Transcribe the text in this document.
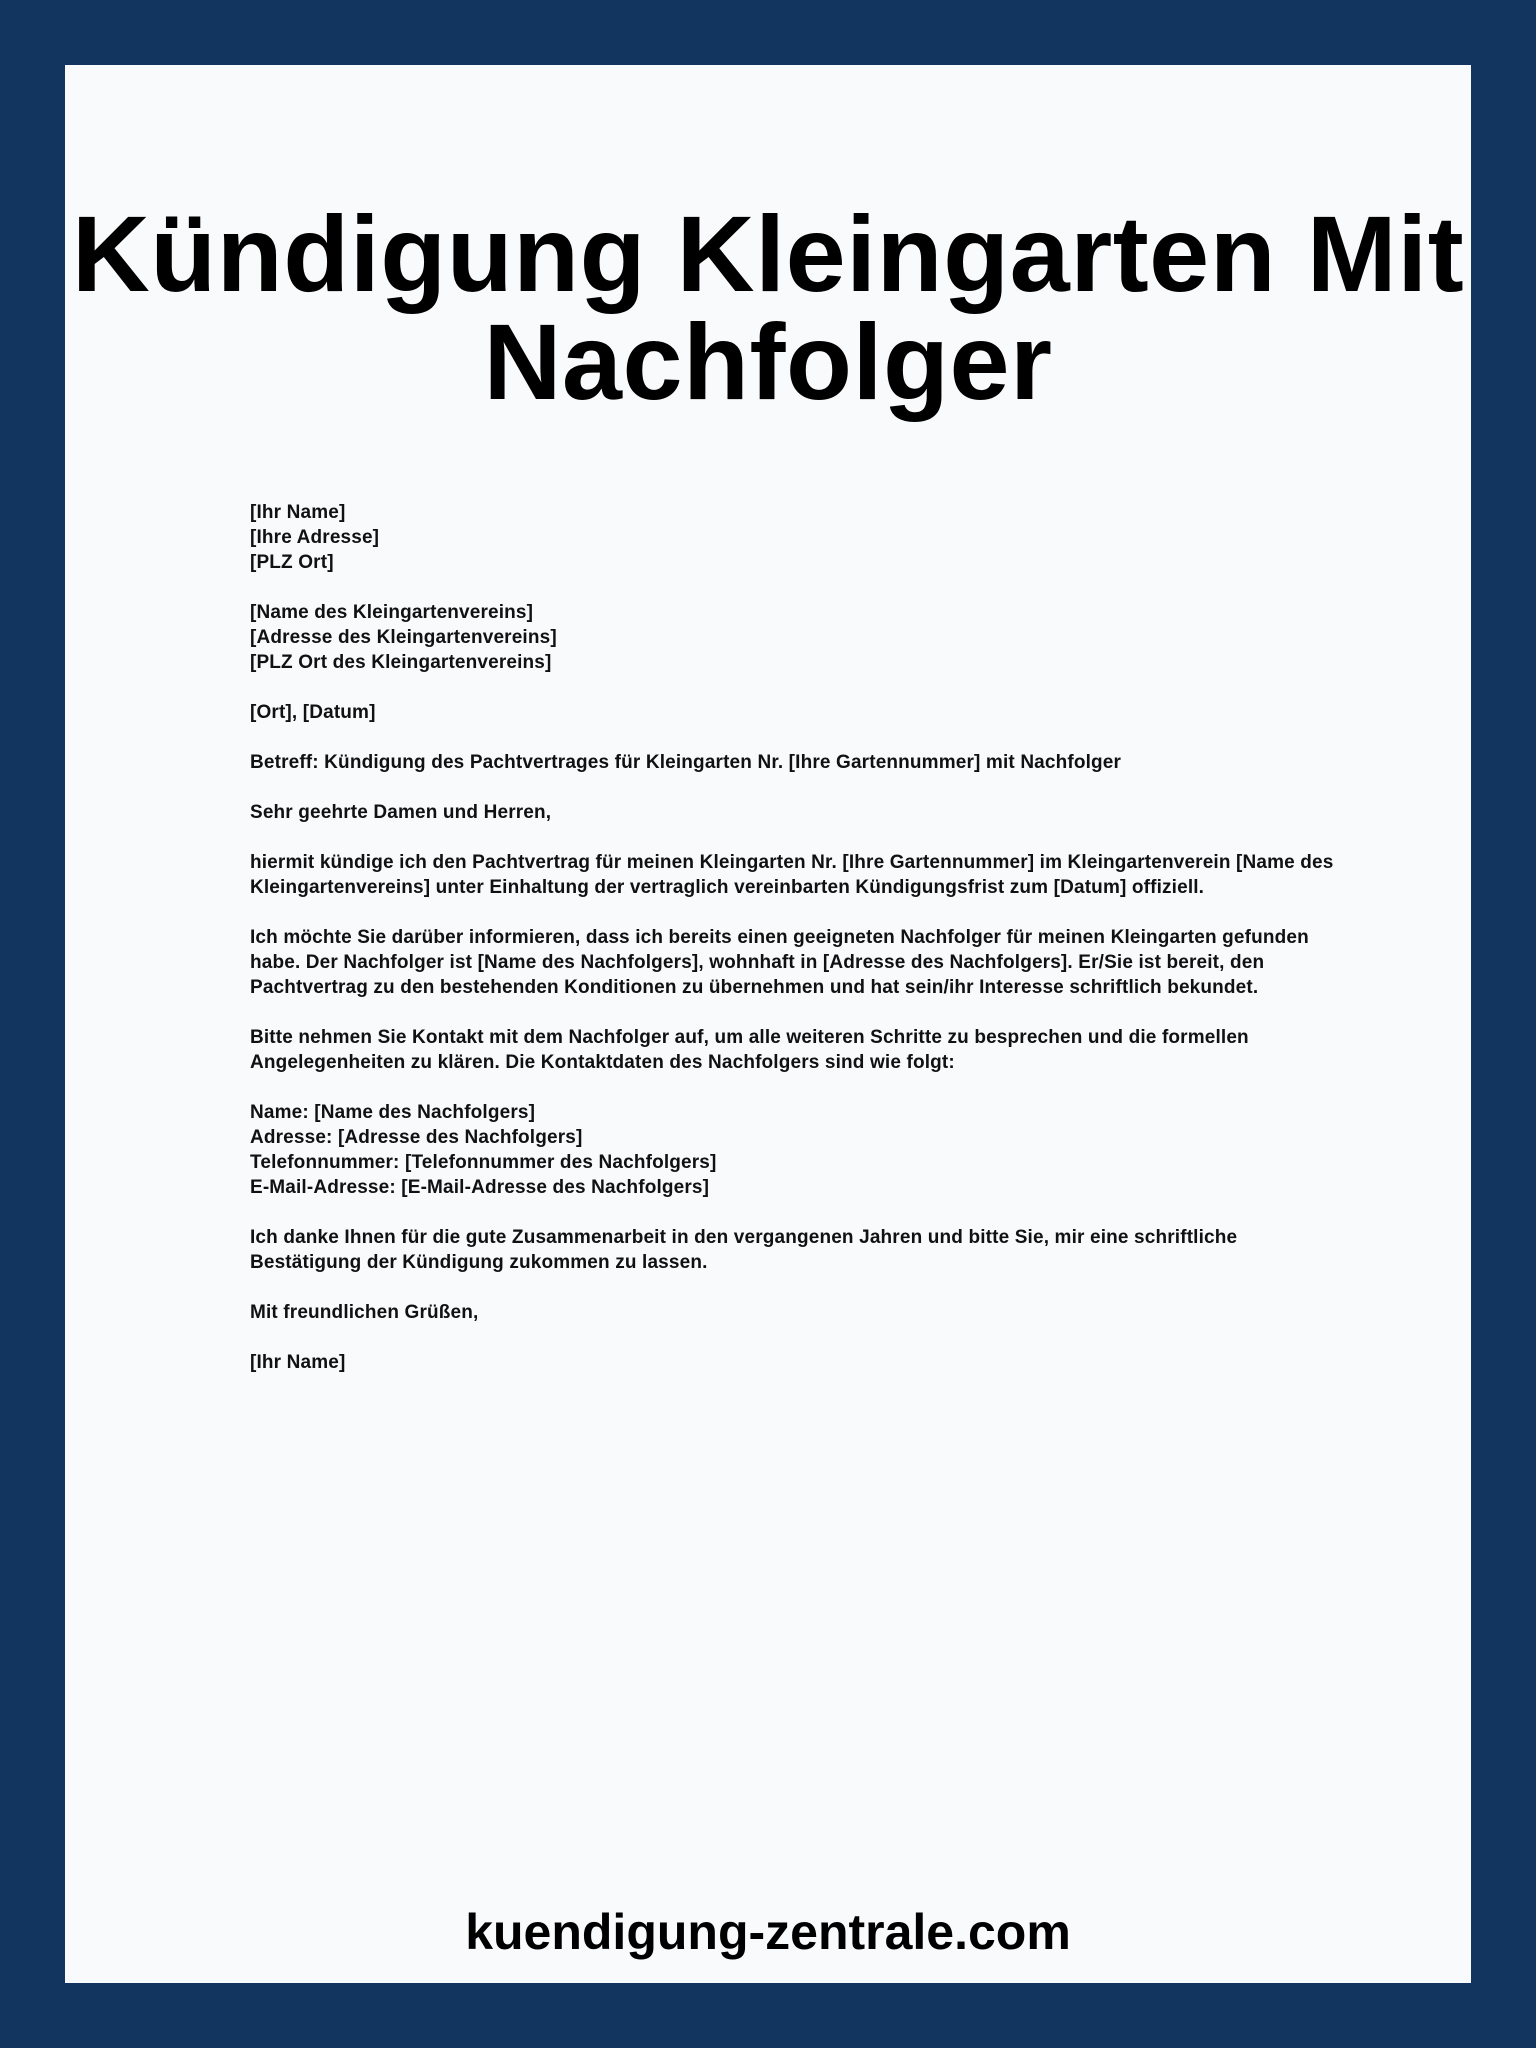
Kündigung Kleingarten Mit
Nachfolger

[Ihr Name]

[Ihre Adresse]

[PLZ Ort]

[Name des Kleingartenvereins]

[Adresse des Kleingartenvereins]

[PLZ Ort des Kleingartenvereins]

[Ort], [Datum]

Betreff: Kündigung des Pachtvertrages für Kleingarten Nr. [Ihre Gartennummer] mit Nachfolger

Sehr geehrte Damen und Herren,

hiermit kündige ich den Pachtvertrag für meinen Kleingarten Nr. [Ihre Gartennummer] im Kleingartenverein [Name des Kleingartenvereins] unter Einhaltung der vertraglich vereinbarten Kündigungsfrist zum [Datum] offiziell.

Ich möchte Sie darüber informieren, dass ich bereits einen geeigneten Nachfolger für meinen Kleingarten gefunden habe. Der Nachfolger ist [Name des Nachfolgers], wohnhaft in [Adresse des Nachfolgers]. Er/Sie ist bereit, den Pachtvertrag zu den bestehenden Konditionen zu übernehmen und hat sein/ihr Interesse schriftlich bekundet.

Bitte nehmen Sie Kontakt mit dem Nachfolger auf, um alle weiteren Schritte zu besprechen und die formellen Angelegenheiten zu klären. Die Kontaktdaten des Nachfolgers sind wie folgt:

Name: [Name des Nachfolgers]

Adresse: [Adresse des Nachfolgers]

Telefonnummer: [Telefonnummer des Nachfolgers]

E-Mail-Adresse: [E-Mail-Adresse des Nachfolgers]

Ich danke Ihnen für die gute Zusammenarbeit in den vergangenen Jahren und bitte Sie, mir eine schriftliche Bestätigung der Kündigung zukommen zu lassen.

Mit freundlichen Grüßen,

[Ihr Name]

kuendigung-zentrale.com
